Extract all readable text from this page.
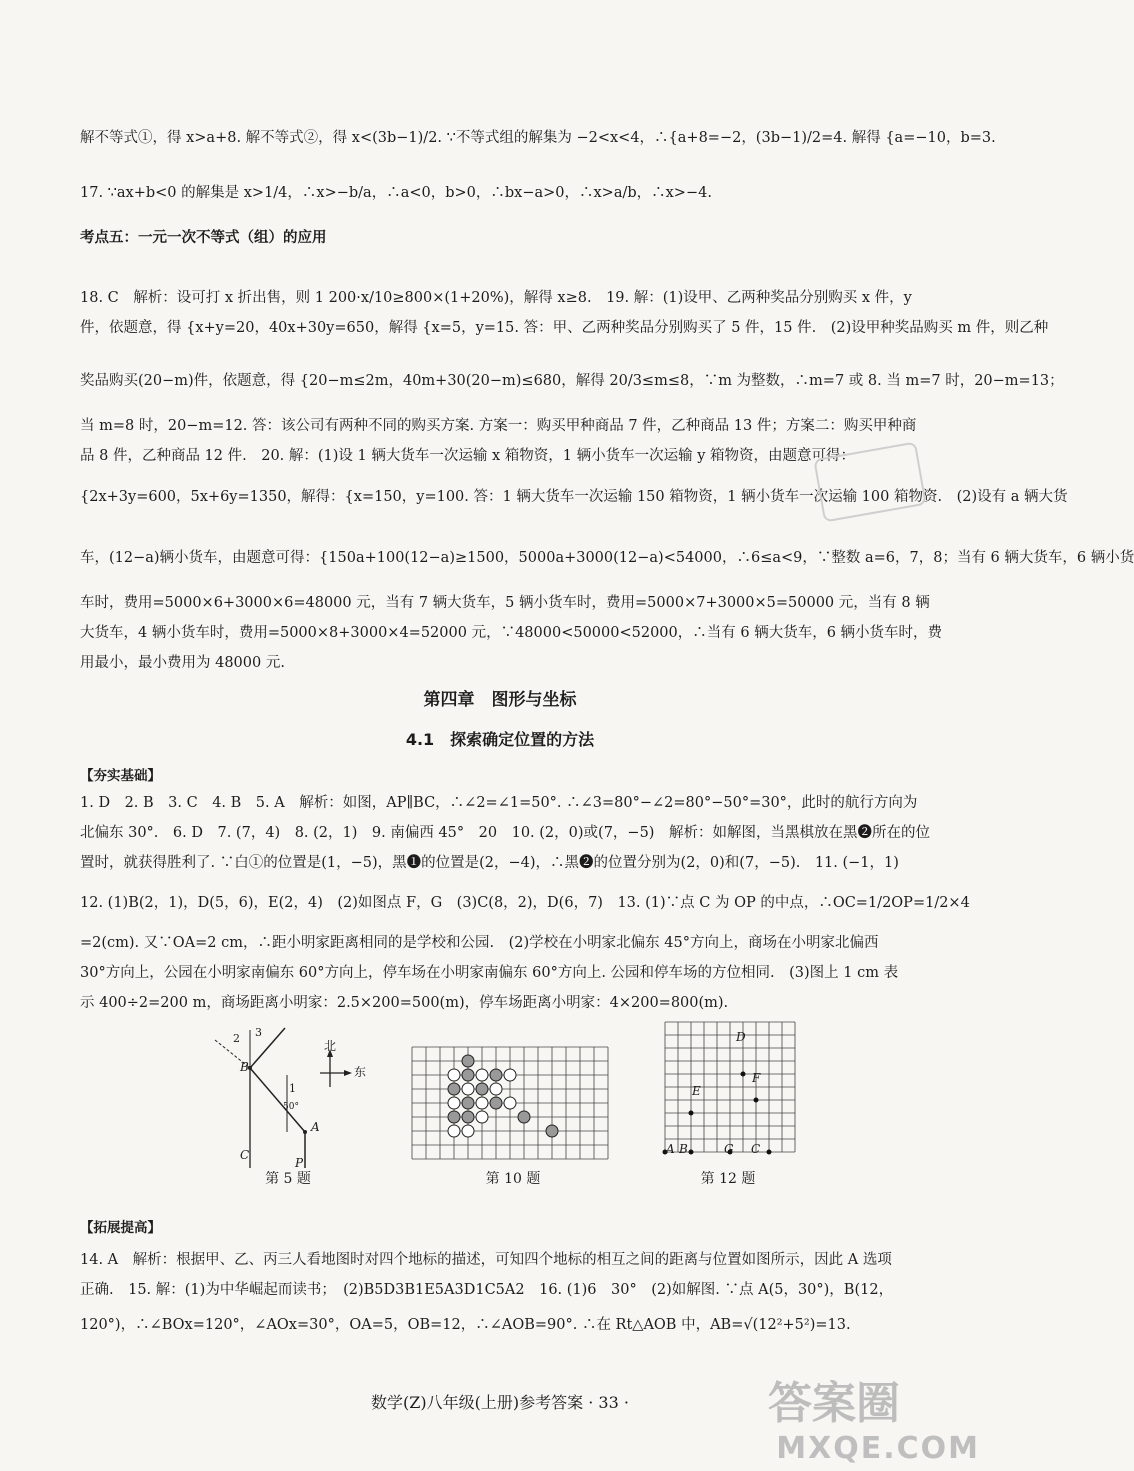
解不等式①，得 x>a+8. 解不等式②，得 x<(3b−1)/2. ∵不等式组的解集为 −2<x<4，∴{a+8=−2，(3b−1)/2=4. 解得 {a=−10，b=3.
17. ∵ax+b<0 的解集是 x>1/4，∴x>−b/a，∴a<0，b>0，∴bx−a>0，∴x>a/b，∴x>−4.
考点五：一元一次不等式（组）的应用
18. C　解析：设可打 x 折出售，则 1 200·x/10≥800×(1+20%)，解得 x≥8.　19. 解：(1)设甲、乙两种奖品分别购买 x 件，y
件，依题意，得 {x+y=20，40x+30y=650，解得 {x=5，y=15. 答：甲、乙两种奖品分别购买了 5 件，15 件.　(2)设甲种奖品购买 m 件，则乙种
奖品购买(20−m)件，依题意，得 {20−m≤2m，40m+30(20−m)≤680，解得 20/3≤m≤8，∵m 为整数，∴m=7 或 8. 当 m=7 时，20−m=13；
当 m=8 时，20−m=12. 答：该公司有两种不同的购买方案. 方案一：购买甲种商品 7 件，乙种商品 13 件；方案二：购买甲种商
品 8 件，乙种商品 12 件.　20. 解：(1)设 1 辆大货车一次运输 x 箱物资，1 辆小货车一次运输 y 箱物资，由题意可得：
{2x+3y=600，5x+6y=1350，解得：{x=150，y=100. 答：1 辆大货车一次运输 150 箱物资，1 辆小货车一次运输 100 箱物资.　(2)设有 a 辆大货
车，(12−a)辆小货车，由题意可得：{150a+100(12−a)≥1500，5000a+3000(12−a)<54000，∴6≤a<9，∵整数 a=6，7，8；当有 6 辆大货车，6 辆小货
车时，费用=5000×6+3000×6=48000 元，当有 7 辆大货车，5 辆小货车时，费用=5000×7+3000×5=50000 元，当有 8 辆
大货车，4 辆小货车时，费用=5000×8+3000×4=52000 元，∵48000<50000<52000，∴当有 6 辆大货车，6 辆小货车时，费
用最小，最小费用为 48000 元.
第四章　图形与坐标
4.1　探索确定位置的方法
【夯实基础】
1. D　2. B　3. C　4. B　5. A　解析：如图，AP∥BC，∴∠2=∠1=50°. ∴∠3=80°−∠2=80°−50°=30°，此时的航行方向为
北偏东 30°.　6. D　7. (7，4)　8. (2，1)　9. 南偏西 45°　20　10. (2，0)或(7，−5)　解析：如解图，当黑棋放在黑❷所在的位
置时，就获得胜利了. ∵白①的位置是(1，−5)，黑❶的位置是(2，−4)，∴黑❷的位置分别为(2，0)和(7，−5).　11. (−1，1)
12. (1)B(2，1)，D(5，6)，E(2，4)　(2)如图点 F，G　(3)C(8，2)，D(6，7)　13. (1)∵点 C 为 OP 的中点，∴OC=1/2OP=1/2×4
=2(cm). 又∵OA=2 cm，∴距小明家距离相同的是学校和公园.　(2)学校在小明家北偏东 45°方向上，商场在小明家北偏西
30°方向上，公园在小明家南偏东 60°方向上，停车场在小明家南偏东 60°方向上. 公园和停车场的方位相同.　(3)图上 1 cm 表
示 400÷2=200 m，商场距离小明家：2.5×200=500(m)，停车场距离小明家：4×200=800(m).
B
A
C
P
1
2 3
50°
北
东
第 5 题	第 10 题
D
E
F
A B	G C
第 12 题
【拓展提高】
14. A　解析：根据甲、乙、丙三人看地图时对四个地标的描述，可知四个地标的相互之间的距离与位置如图所示，因此 A 选项
正确.　15. 解：(1)为中华崛起而读书；　(2)B5D3B1E5A3D1C5A2　16. (1)6　30°　(2)如解图. ∵点 A(5，30°)，B(12，
120°)，∴∠BOx=120°，∠AOx=30°，OA=5，OB=12，∴∠AOB=90°. ∴在 Rt△AOB 中，AB=√(12²+5²)=13.
数学(Z)八年级(上册)参考答案 · 33 ·	答案圈
MXQE.COM
